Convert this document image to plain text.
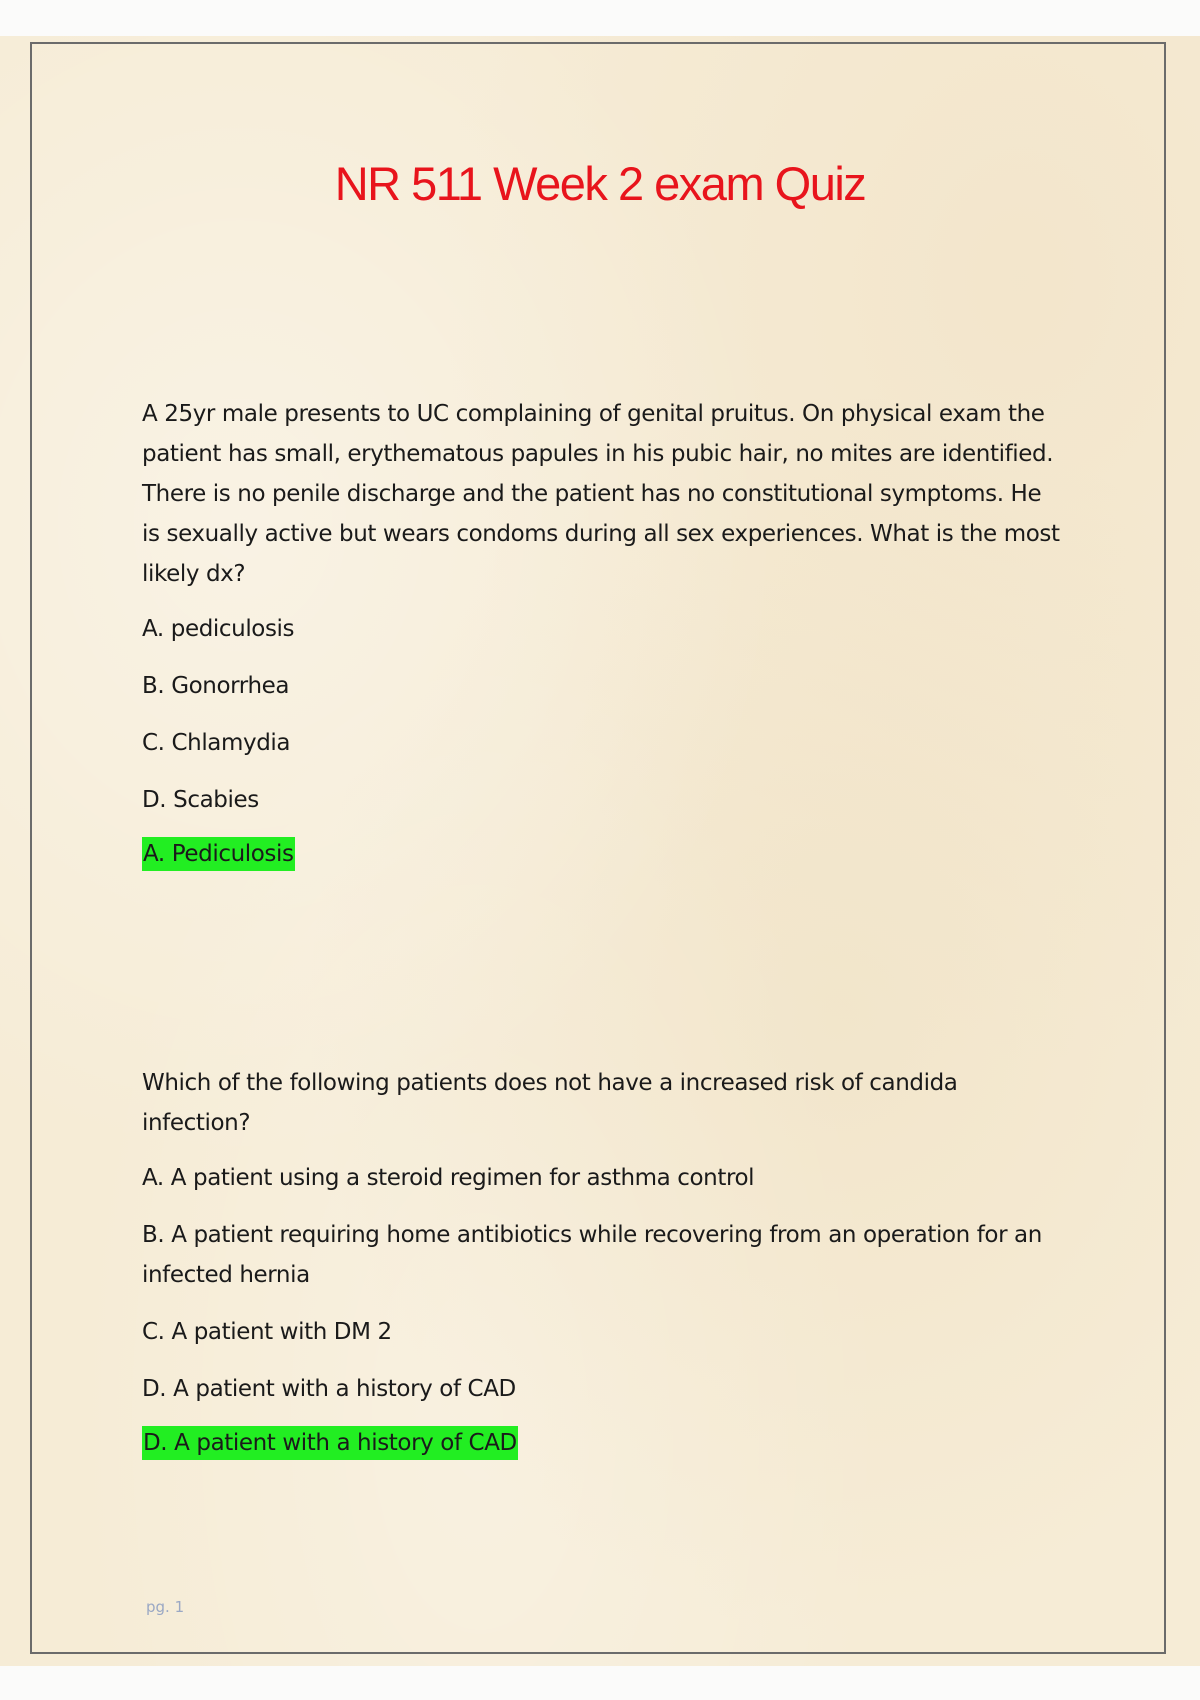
NR 511 Week 2 exam Quiz

A 25yr male presents to UC complaining of genital pruitus. On physical exam the patient has small, erythematous papules in his pubic hair, no mites are identified. There is no penile discharge and the patient has no constitutional symptoms. He is sexually active but wears condoms during all sex experiences. What is the most likely dx?

A. pediculosis

B. Gonorrhea

C. Chlamydia

D. Scabies

A. Pediculosis

Which of the following patients does not have a increased risk of candida infection?

A. A patient using a steroid regimen for asthma control

B. A patient requiring home antibiotics while recovering from an operation for an infected hernia

C. A patient with DM 2

D. A patient with a history of CAD

D. A patient with a history of CAD
pg. 1
